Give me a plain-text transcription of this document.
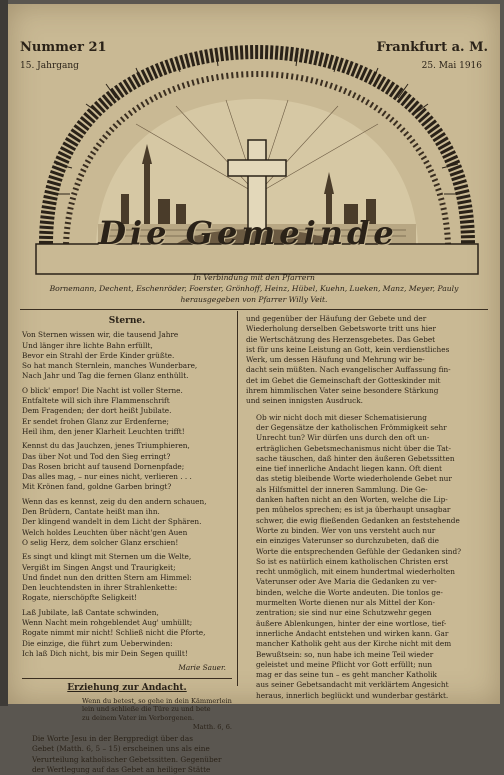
Nummer 21	Frankfurt a. M.
15. Jahrgang	25. Mai 1916
Die Gemeinde
In Verbindung mit den Pfarrern
Bornemann, Dechent, Eschenröder, Foerster, Grönhoff, Heinz, Hübel, Kuehn, Lueken, Manz, Meyer, Pauly
herausgegeben von Pfarrer Willy Veit.
Sterne.
Von Sternen wissen wir, die tausend Jahre
Und länger ihre lichte Bahn erfüllt,
Bevor ein Strahl der Erde Kinder grüßte.
So hat manch Sternlein, manches Wunderbare,
Nach Jahr und Tag die fernen Glanz enthüllt.
O blick' empor! Die Nacht ist voller Sterne.
Entfaltete will sich ihre Flammenschrift
Dem Fragenden; der dort heißt Jubilate.
Er sendet frohen Glanz zur Erdenferne;
Heil ihm, den jener Klarheit Leuchten trifft!
Kennst du das Jauchzen, jenes Triumphieren,
Das über Not und Tod den Sieg erringt?
Das Rosen bricht auf tausend Dornenpfade;
Das alles mag, – nur eines nicht, verlieren . . .
Mit Krönen fand, goldne Garben bringt?
Wenn das es kennst, zeig du den andern schauen,
Den Brüdern, Cantate heißt man ihn.
Der klingend wandelt in dem Licht der Sphären.
Welch holdes Leuchten über nächt'gen Auen
O selig Herz, dem solcher Glanz erschien!
Es singt und klingt mit Sternen um die Welte,
Vergißt im Singen Angst und Traurigkeit;
Und findet nun den dritten Stern am Himmel:
Den leuchtendsten in ihrer Strahlenkette:
Rogate, nierschöpfte Seligkeit!
Laß Jubilate, laß Cantate schwinden,
Wenn Nacht mein rohgeblendet Aug' umhüllt;
Rogate nimmt mir nicht! Schließ nicht die Pforte,
Die einzige, die führt zum Ueberwinden:
Ich laß Dich nicht, bis mir Dein Segen quillt!
Marie Sauer.
Erziehung zur Andacht.
Wenn du betest, so gehe in dein Kämmerlein
lein und schließe die Türe zu und bete
zu deinem Vater im Verborgenen.
Matth. 6, 6.
Die Worte Jesu in der Bergpredigt über das
Gebet (Matth. 6, 5 – 15) erscheinen uns als eine
Verurteilung katholischer Gebetssitten. Gegenüber
der Wertlegung auf das Gebet an heiliger Stätte
und gegenüber der Häufung der Gebete und der
Wiederholung derselben Gebetsworte tritt uns hier
die Wertschätzung des Herzensgebetes. Das Gebet
ist für uns keine Leistung an Gott, kein verdienstliches
Werk, um dessen Häufung und Mehrung wir be-
dacht sein müßten. Nach evangelischer Auffassung fin-
det im Gebet die Gemeinschaft der Gotteskinder mit
ihrem himmlischen Vater seine besondere Stärkung
und seinen innigsten Ausdruck.
Ob wir nicht doch mit dieser Schematisierung
der Gegensätze der katholischen Frömmigkeit sehr
Unrecht tun? Wir dürfen uns durch den oft un-
erträglichen Gebetsmechanismus nicht über die Tat-
sache täuschen, daß hinter den äußeren Gebetssitten
eine tief innerliche Andacht liegen kann. Oft dient
das stetig bleibende Worte wiederholende Gebet nur
als Hilfsmittel der inneren Sammlung. Die Ge-
danken haften nicht an den Worten, welche die Lip-
pen mühelos sprechen; es ist ja überhaupt unsagbar
schwer, die ewig fließenden Gedanken an feststehende
Worte zu binden. Wer von uns versteht auch nur
ein einziges Vaterunser so durchzubeten, daß die
Worte die entsprechenden Gefühle der Gedanken sind?
So ist es natürlich einem katholischen Christen erst
recht unmöglich, mit einem hundertmal wiederholten
Vaterunser oder Ave Maria die Gedanken zu ver-
binden, welche die Worte andeuten. Die tonlos ge-
murmelten Worte dienen nur als Mittel der Kon-
zentration; sie sind nur eine Schutzwehr gegen
äußere Ablenkungen, hinter der eine wortlose, tief-
innerliche Andacht entstehen und wirken kann. Gar
mancher Katholik geht aus der Kirche nicht mit dem
Bewußtsein: so, nun habe ich meine Teil wieder
geleistet und meine Pflicht vor Gott erfüllt; nun
mag er das seine tun – es geht mancher Katholik
aus seiner Gebetsandacht mit verklärtem Angesicht
heraus, innerlich beglückt und wunderbar gestärkt.
